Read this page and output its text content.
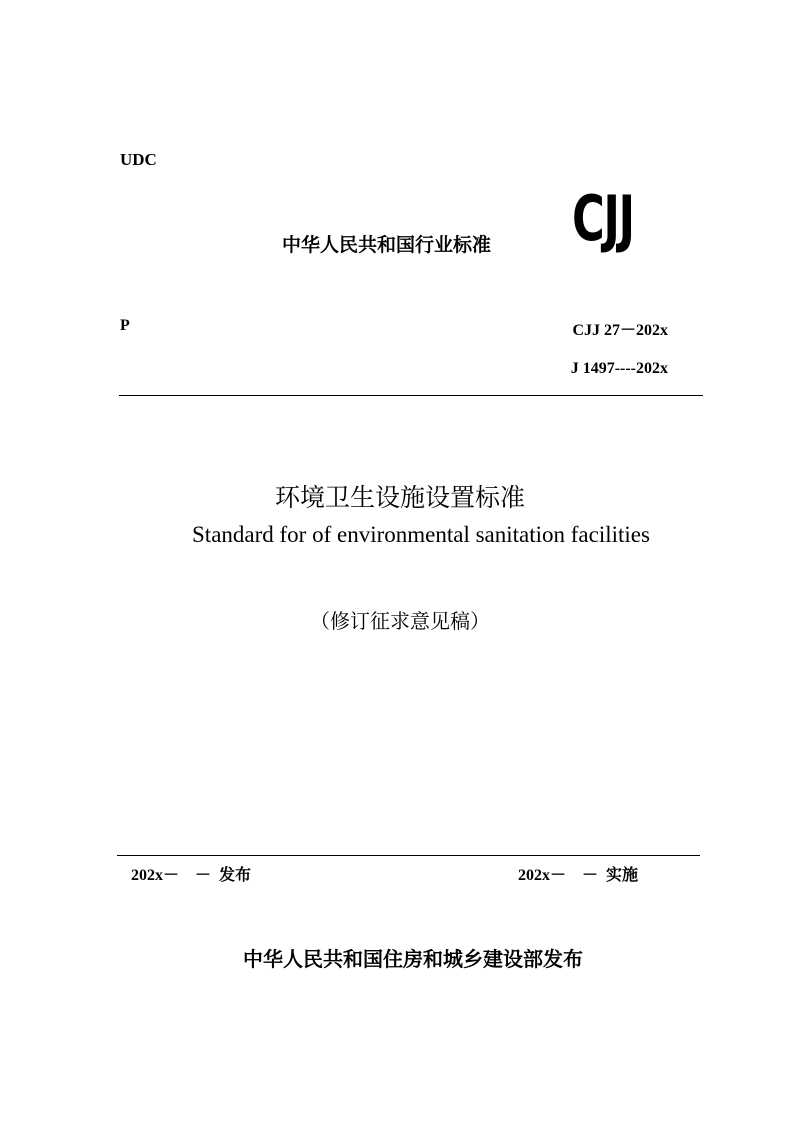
UDC
中华人民共和国行业标准 CJJ
P	CJJ 27－202x
J 1497----202x
环境卫生设施设置标准
Standard for of environmental sanitation facilities
（修订征求意见稿）
202x－　－ 发布	202x－　－ 实施
中华人民共和国住房和城乡建设部发布
